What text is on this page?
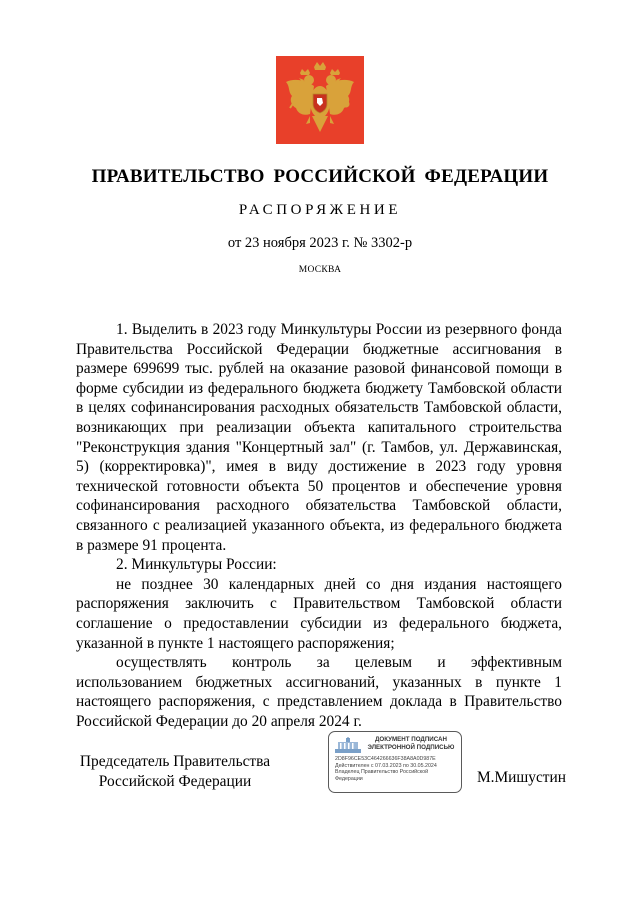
ПРАВИТЕЛЬСТВО РОССИЙСКОЙ ФЕДЕРАЦИИ
РАСПОРЯЖЕНИЕ
от 23 ноября 2023 г. № 3302-р
МОСКВА

1. Выделить в 2023 году Минкультуры России из резервного фонда Правительства Российской Федерации бюджетные ассигнования в размере 699699 тыс. рублей на оказание разовой финансовой помощи в форме субсидии из федерального бюджета бюджету Тамбовской области в целях софинансирования расходных обязательств Тамбовской области, возникающих при реализации объекта капитального строительства "Реконструкция здания "Концертный зал" (г. Тамбов, ул. Державинская, 5) (корректировка)", имея в виду достижение в 2023 году уровня технической готовности объекта 50 процентов и обеспечение уровня софинансирования расходного обязательства Тамбовской области, связанного с реализацией указанного объекта, из федерального бюджета в размере 91 процента.

2. Минкультуры России:

не позднее 30 календарных дней со дня издания настоящего распоряжения заключить с Правительством Тамбовской области соглашение о предоставлении субсидии из федерального бюджета, указанной в пункте 1 настоящего распоряжения;

осуществлять контроль за целевым и эффективным использованием бюджетных ассигнований, указанных в пункте 1 настоящего распоряжения, с представлением доклада в Правительство Российской Федерации до 20 апреля 2024 г.

Председатель Правительства
Российской Федерации
ДОКУМЕНТ ПОДПИСАН
ЭЛЕКТРОННОЙ ПОДПИСЬЮ
2D8F96CE53C464266636F38A8A0D987E
Действителен с 07.03.2023 по 30.05.2024
Владелец Правительство Российской
Федерации	М.Мишустин
